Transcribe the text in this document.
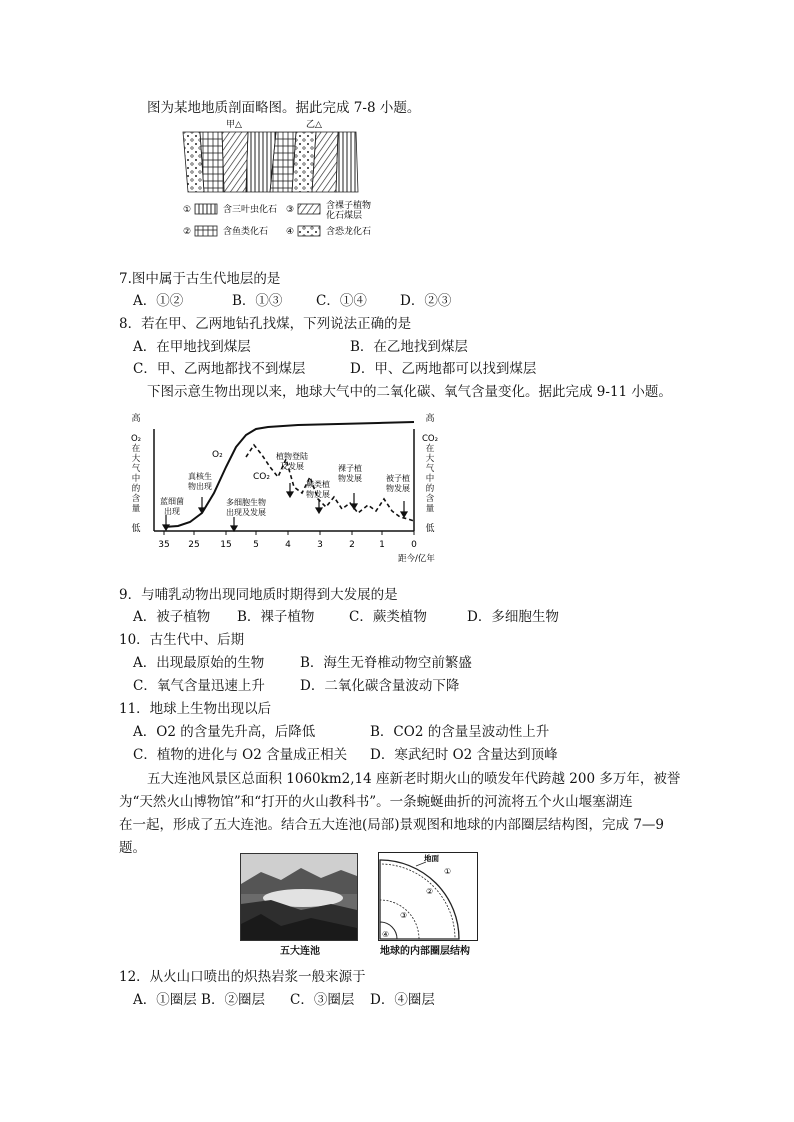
图为某地地质剖面略图。据此完成 7-8 小题。
甲△	乙△
①	含三叶虫化石 ③	含裸子植物
化石煤层
②	含鱼类化石 ④	含恐龙化石
7.图中属于古生代地层的是
A．①②	B．①③ C．①④ D．②③
8．若在甲、乙两地钻孔找煤，下列说法正确的是
A．在甲地找到煤层	B．在乙地找到煤层
C．甲、乙两地都找不到煤层	D．甲、乙两地都可以找到煤层
下图示意生物出现以来，地球大气中的二氧化碳、氧气含量变化。据此完成 9-11 小题。
高
O₂
在
大
气
中
的
含
量
低
高
CO₂
在
大
气
中
的
含
量
低
O₂
CO₂
蓝细菌
出现
真核生
物出现
多细胞生物
出现及发展
植物登陆
及发展
蕨类植
物发展
裸子植
物发展	被子植
物发展
35 25 15 5	4	3	2	1	0
距今/亿年
9．与哺乳动物出现同地质时期得到大发展的是
A．被子植物 B．裸子植物	C．蕨类植物	D．多细胞生物
10．古生代中、后期
A．出现最原始的生物	B．海生无脊椎动物空前繁盛
C．氧气含量迅速上升	D．二氧化碳含量波动下降
11．地球上生物出现以后
A．O2 的含量先升高，后降低	B．CO2 的含量呈波动性上升
C．植物的进化与 O2 含量成正相关 D．寒武纪时 O2 含量达到顶峰
五大连池风景区总面积 1060km2,14 座新老时期火山的喷发年代跨越 200 多万年，被誉
为“天然火山博物馆”和“打开的火山教科书”。一条蜿蜒曲折的河流将五个火山堰塞湖连
在一起，形成了五大连池。结合五大连池(局部)景观图和地球的内部圈层结构图，完成 7—9
题。
五大连池
地面
①
②
③
④
地球的内部圈层结构
12．从火山口喷出的炽热岩浆一般来源于
A．①圈层 B．②圈层 C．③圈层 D．④圈层
